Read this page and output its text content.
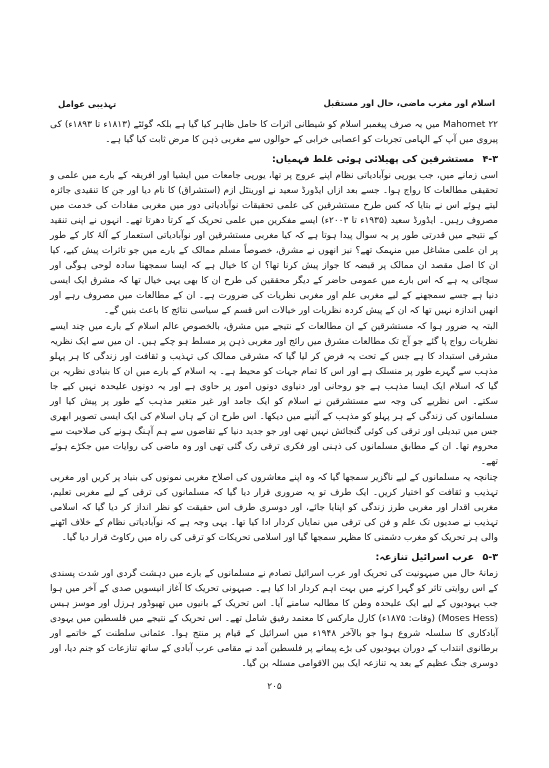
اسلام اور مغرب ماضی، حال اور مستقبل
تہذیبی عوامل

Mahomet ۲۲ میں یہ صرف پیغمبر اسلام کو شیطانی اثرات کا حامل ظاہر کیا گیا ہے بلکہ گوئٹے (۱۸۱۳ء تا ۱۸۹۳ء) کی پیروی میں آپ کے الہامی تجربات کو اعصابی خرابی کے حوالوں سے مغربی ذہن کا مرض ثابت کیا گیا ہے۔

۴-۳ مستشرقین کی پھیلائی ہوئی غلط فہمیاں:

اسی زمانے میں، جب یورپی نوآبادیاتی نظام اپنے عروج پر تھا، یورپی جامعات میں ایشیا اور افریقہ کے بارے میں علمی و تحقیقی مطالعات کا رواج ہوا۔ جسے بعد ازاں ایڈورڈ سعید نے اورینٹل ازم (استشراق) کا نام دیا اور جن کا تنقیدی جائزہ لیتے ہوئے اس نے بتایا کہ کس طرح مستشرقین کی علمی تحقیقات نوآبادیاتی دور میں مغربی مفادات کی خدمت میں مصروف رہیں۔ ایڈورڈ سعید (۱۹۳۵ء تا ۲۰۰۳ء) ایسے مفکرین میں علمی تحریک کے کرتا دھرتا تھے۔ انہوں نے اپنی تنقید کے نتیجے میں قدرتی طور پر یہ سوال پیدا ہوتا ہے کہ کیا مغربی مستشرقین اور نوآبادیاتی استعمار کے آلۂ کار کے طور پر ان علمی مشاغل میں منہمک تھے؟ نیز انھوں نے مشرق، خصوصاً مسلم ممالک کے بارے میں جو تاثرات پیش کیے، کیا ان کا اصل مقصد ان ممالک پر قبضہ کا جواز پیش کرنا تھا؟ ان کا خیال ہے کہ ایسا سمجھنا سادہ لوحی ہوگی اور سچائی یہ ہے کہ اس بارے میں عمومی حاضر کے دیگر محققین کی طرح ان کا بھی یہی خیال تھا کہ مشرق ایک ایسی دنیا ہے جسے سمجھنے کے لیے مغربی علم اور مغربی نظریات کی ضرورت ہے۔ ان کے مطالعات میں مصروف رہے اور انھیں اندازہ نہیں تھا کہ ان کے پیش کردہ نظریات اور خیالات اس قسم کے سیاسی نتائج کا باعث بنیں گے۔

البتہ یہ ضرور ہوا کہ مستشرقین کے ان مطالعات کے نتیجے میں مشرق، بالخصوص عالم اسلام کے بارے میں چند ایسے نظریات رواج پا گئے جو آج تک مطالعات مشرق میں رائج اور مغربی ذہن پر مسلط ہو چکے ہیں۔ ان میں سے ایک نظریہ مشرقی استبداد کا ہے جس کے تحت یہ فرض کر لیا گیا کہ مشرقی ممالک کی تہذیب و ثقافت اور زندگی کا ہر پہلو مذہب سے گہرے طور پر منسلک ہے اور اس کا تمام جہات کو محیط ہے۔ یہ اسلام کے بارے میں ان کا بنیادی نظریہ بن گیا کہ اسلام ایک ایسا مذہب ہے جو روحانی اور دنیاوی دونوں امور پر حاوی ہے اور یہ دونوں علیحدہ نہیں کیے جا سکتے۔ اس نظریے کی وجہ سے مستشرقین نے اسلام کو ایک جامد اور غیر متغیر مذہب کے طور پر پیش کیا اور مسلمانوں کی زندگی کے ہر پہلو کو مذہب کے آئینے میں دیکھا۔ اس طرح ان کے ہاں اسلام کی ایک ایسی تصویر ابھری جس میں تبدیلی اور ترقی کی کوئی گنجائش نہیں تھی اور جو جدید دنیا کے تقاضوں سے ہم آہنگ ہونے کی صلاحیت سے محروم تھا۔ ان کے مطابق مسلمانوں کی ذہنی اور فکری ترقی رک گئی تھی اور وہ ماضی کی روایات میں جکڑے ہوئے تھے۔

چنانچہ یہ مسلمانوں کے لیے ناگزیر سمجھا گیا کہ وہ اپنے معاشروں کی اصلاح مغربی نمونوں کی بنیاد پر کریں اور مغربی تہذیب و ثقافت کو اختیار کریں۔ ایک طرف تو یہ ضروری قرار دیا گیا کہ مسلمانوں کی ترقی کے لیے مغربی تعلیم، مغربی اقدار اور مغربی طرز زندگی کو اپنایا جائے، اور دوسری طرف اس حقیقت کو نظر انداز کر دیا گیا کہ اسلامی تہذیب نے صدیوں تک علم و فن کی ترقی میں نمایاں کردار ادا کیا تھا۔ یہی وجہ ہے کہ نوآبادیاتی نظام کے خلاف اٹھنے والی ہر تحریک کو مغرب دشمنی کا مظہر سمجھا گیا اور اسلامی تحریکات کو ترقی کی راہ میں رکاوٹ قرار دیا گیا۔

۵-۳ عرب اسرائیل تنازعہ:

زمانۂ حال میں صیہونیت کی تحریک اور عرب اسرائیل تصادم نے مسلمانوں کے بارے میں دہشت گردی اور شدت پسندی کے اس روایتی تاثر کو گہرا کرنے میں بہت اہم کردار ادا کیا ہے۔ صیہونی تحریک کا آغاز انیسویں صدی کے آخر میں ہوا جب یہودیوں کے لیے ایک علیحدہ وطن کا مطالبہ سامنے آیا۔ اس تحریک کے بانیوں میں تھیوڈور ہرزل اور موسز ہیس (Moses Hess) (وفات: ۱۸۷۵ء) کارل مارکس کا معتمد رفیق شامل تھے۔ اس تحریک کے نتیجے میں فلسطین میں یہودی آبادکاری کا سلسلہ شروع ہوا جو بالآخر ۱۹۴۸ء میں اسرائیل کے قیام پر منتج ہوا۔ عثمانی سلطنت کے خاتمے اور برطانوی انتداب کے دوران یہودیوں کی بڑے پیمانے پر فلسطین آمد نے مقامی عرب آبادی کے ساتھ تنازعات کو جنم دیا، اور دوسری جنگ عظیم کے بعد یہ تنازعہ ایک بین الاقوامی مسئلہ بن گیا۔

۲۰۵
